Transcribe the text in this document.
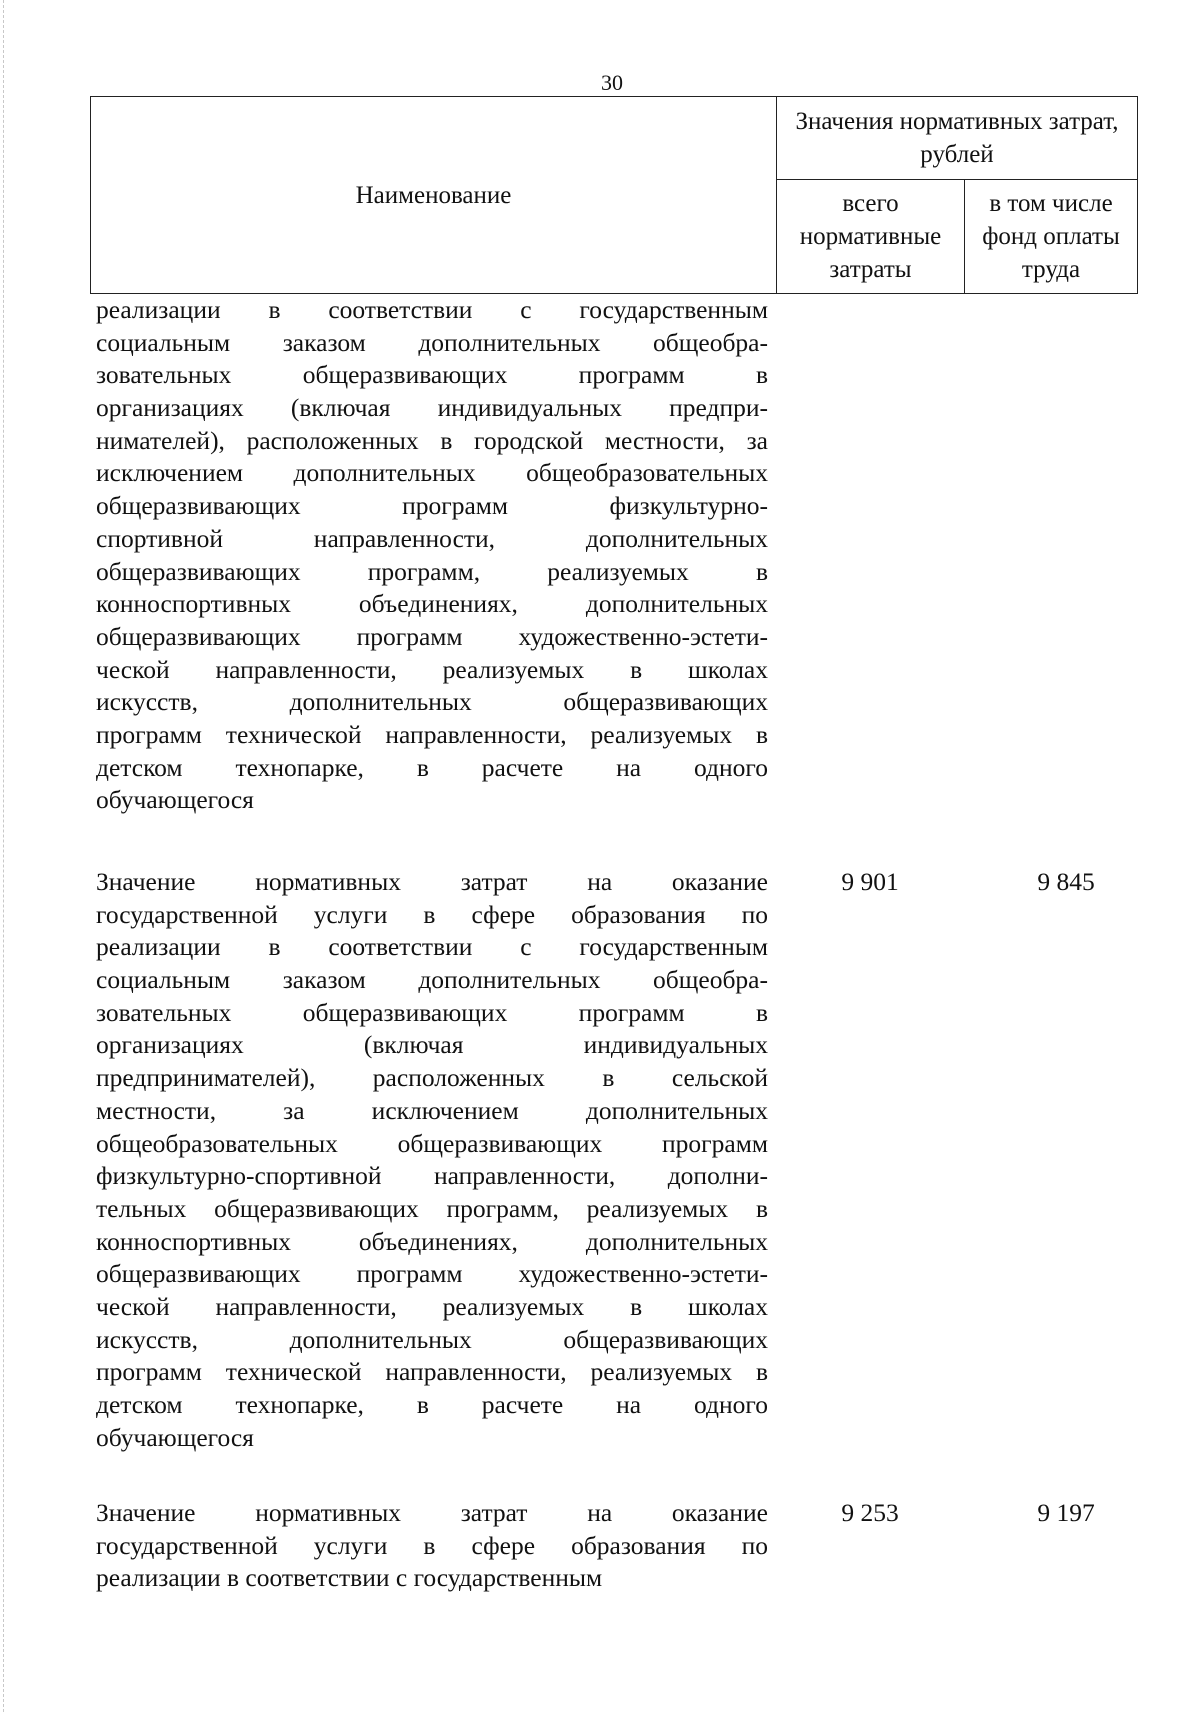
30
Наименование	Значения нормативных затрат, рублей	
	всего нормативные затраты	в том числе фонд оплаты труда
реализации в соответствии с государственным
социальным заказом дополнительных общеобра-
зовательных общеразвивающих программ в
организациях (включая индивидуальных предпри-
нимателей), расположенных в городской местности, за
исключением дополнительных общеобразовательных
общеразвивающих программ физкультурно-
спортивной направленности, дополнительных
общеразвивающих программ, реализуемых в
конноспортивных объединениях, дополнительных
общеразвивающих программ художественно-эстети-
ческой направленности, реализуемых в школах
искусств, дополнительных общеразвивающих
программ технической направленности, реализуемых в
детском технопарке, в расчете на одного
обучающегося
Значение нормативных затрат на оказание
государственной услуги в сфере образования по
реализации в соответствии с государственным
социальным заказом дополнительных общеобра-
зовательных общеразвивающих программ в
организациях (включая индивидуальных
предпринимателей), расположенных в сельской
местности, за исключением дополнительных
общеобразовательных общеразвивающих программ
физкультурно-спортивной направленности, дополни-
тельных общеразвивающих программ, реализуемых в
конноспортивных объединениях, дополнительных
общеразвивающих программ художественно-эстети-
ческой направленности, реализуемых в школах
искусств, дополнительных общеразвивающих
программ технической направленности, реализуемых в
детском технопарке, в расчете на одного
обучающегося
9 901	9 845
Значение нормативных затрат на оказание
государственной услуги в сфере образования по
реализации в соответствии с государственным
9 253	9 197
